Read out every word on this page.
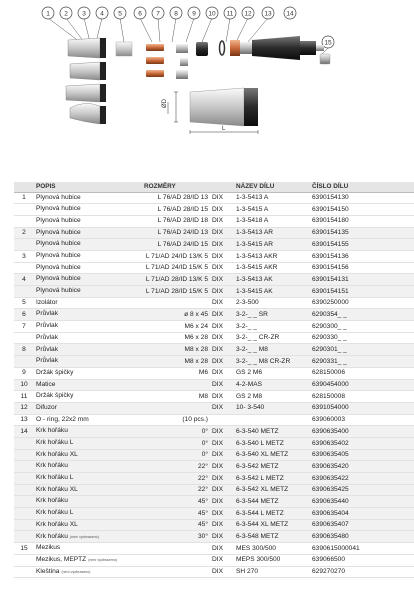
1 2 3 4 5	6 7 8 9 10 11 12 13 14
15
ØD
L
	POPIS	ROZMĚRY		NÁZEV DÍLU	ČÍSLO DÍLU
1	Plynová hubice	L 76/AD 28/ID 13	DIX	1-3-5413 A	6390154130
	Plynová hubice	L 76/AD 28/ID 15	DIX	1-3-5415 A	6390154150
	Plynová hubice	L 76/AD 28/ID 18	DIX	1-3-5418 A	6390154180
2	Plynová hubice	L 76/AD 24/ID 13	DIX	1-3-5413 AR	6390154135
	Plynová hubice	L 76/AD 24/ID 15	DIX	1-3-5415 AR	6390154155
3	Plynová hubice	L 71/AD 24/ID 13/K 5	DIX	1-3-5413 AKR	6390154136
	Plynová hubice	L 71/AD 24/ID 15/K 5	DIX	1-3-5415 AKR	6390154156
4	Plynová hubice	L 71/AD 28/ID 13/K 5	DIX	1-3-5413 AK	6390154131
	Plynová hubice	L 71/AD 28/ID 15/K 5	DIX	1-3-5415 AK	6390154151
5	Izolátor		DIX	2-3-500	6390250000
6	Průvlak	ø 8 x 45	DIX	3-2-_ _ SR	6290354_ _
7	Průvlak	M6 x 24	DIX	3-2-_ _	6290300_ _
	Průvlak	M6 x 28	DIX	3-2-_ _ CR-ZR	6290330_ _
8	Průvlak	M8 x 28	DIX	3-2-_ _ M8	6290301_ _
	Průvlak	M8 x 28	DIX	3-2-_ _ M8 CR-ZR	6290331_ _
9	Držák špičky	M6	DIX	GS 2 M6	628150006
10	Matice		DIX	4-2-MAS	6390454000
11	Držák špičky	M8	DIX	GS 2 M8	628150008
12	Difuzor		DIX	10- 3-540	6391054000
13	O - ring, 22x2 mm	(10 pcs.)			639060003
14	Krk hořáku	0°	DIX	6-3-540 METZ	6390635400
	Krk hořáku L	0°	DIX	6-3-540 L METZ	6390635402
	Krk hořáku XL	0°	DIX	6-3-540 XL METZ	6390635405
	Krk hořáku	22°	DIX	6-3-542 METZ	6390635420
	Krk hořáku L	22°	DIX	6-3-542 L METZ	6390635422
	Krk hořáku XL	22°	DIX	6-3-542 XL METZ	6390635425
	Krk hořáku	45°	DIX	6-3-544 METZ	6390635440
	Krk hořáku L	45°	DIX	6-3-544 L METZ	6390635404
	Krk hořáku XL	45°	DIX	6-3-544 XL METZ	6390635407
	Krk hořáku (není vyobrazeno)	30°	DIX	6-3-548 METZ	6390635480
15	Mezikus		DIX	MES 300/500	6390615000041
	Mezikus, MEPTZ (není vyobrazeno)		DIX	MEPS 300/500	639066500
	Kleština (není vyobrazeno)		DIX	SH 270	629270270
